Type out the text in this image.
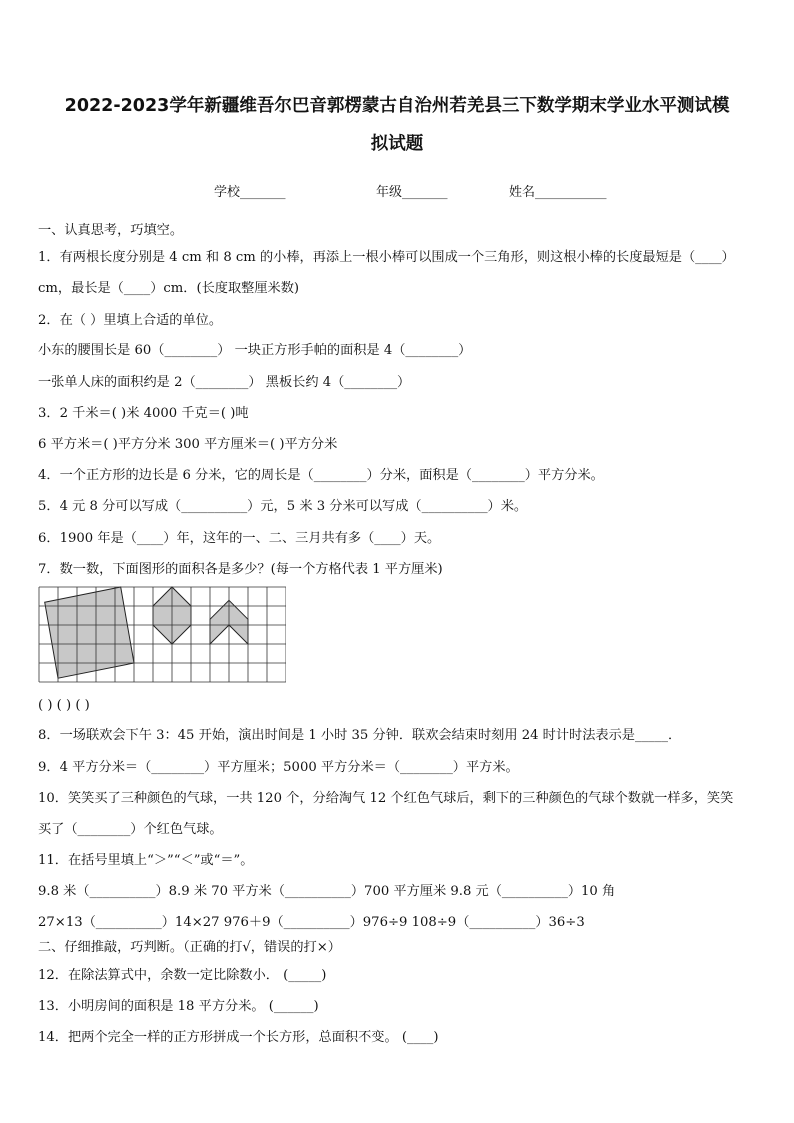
2022-2023学年新疆维吾尔巴音郭楞蒙古自治州若羌县三下数学期末学业水平测试模
拟试题
学校_______	年级_______	姓名___________
一、认真思考，巧填空。
1．有两根长度分别是 4 cm 和 8 cm 的小棒，再添上一根小棒可以围成一个三角形，则这根小棒的长度最短是（____）
cm，最长是（____）cm．(长度取整厘米数)
2．在（ ）里填上合适的单位。
小东的腰围长是 60（________） 一块正方形手帕的面积是 4（________）
一张单人床的面积约是 2（________） 黑板长约 4（________）
3．2 千米＝( )米 4000 千克＝( )吨
6 平方米＝( )平方分米 300 平方厘米＝( )平方分米
4．一个正方形的边长是 6 分米，它的周长是（________）分米，面积是（________）平方分米。
5．4 元 8 分可以写成（__________）元，5 米 3 分米可以写成（__________）米。
6．1900 年是（____）年，这年的一、二、三月共有多（____）天。
7．数一数，下面图形的面积各是多少？(每一个方格代表 1 平方厘米)
( ) ( ) ( )
8．一场联欢会下午 3：45 开始，演出时间是 1 小时 35 分钟．联欢会结束时刻用 24 时计时法表示是_____．
9．4 平方分米＝（________）平方厘米；5000 平方分米＝（________）平方米。
10．笑笑买了三种颜色的气球，一共 120 个，分给淘气 12 个红色气球后，剩下的三种颜色的气球个数就一样多，笑笑
买了（________）个红色气球。
11．在括号里填上“＞”“＜”或“＝”。
9.8 米（__________）8.9 米 70 平方米（__________）700 平方厘米 9.8 元（__________）10 角
27×13（__________）14×27 976＋9（__________）976÷9 108÷9（__________）36÷3
二、仔细推敲，巧判断。（正确的打√，错误的打×）
12．在除法算式中，余数一定比除数小． (_____)
13．小明房间的面积是 18 平方分米。 (______)
14．把两个完全一样的正方形拼成一个长方形，总面积不变。 (____)
